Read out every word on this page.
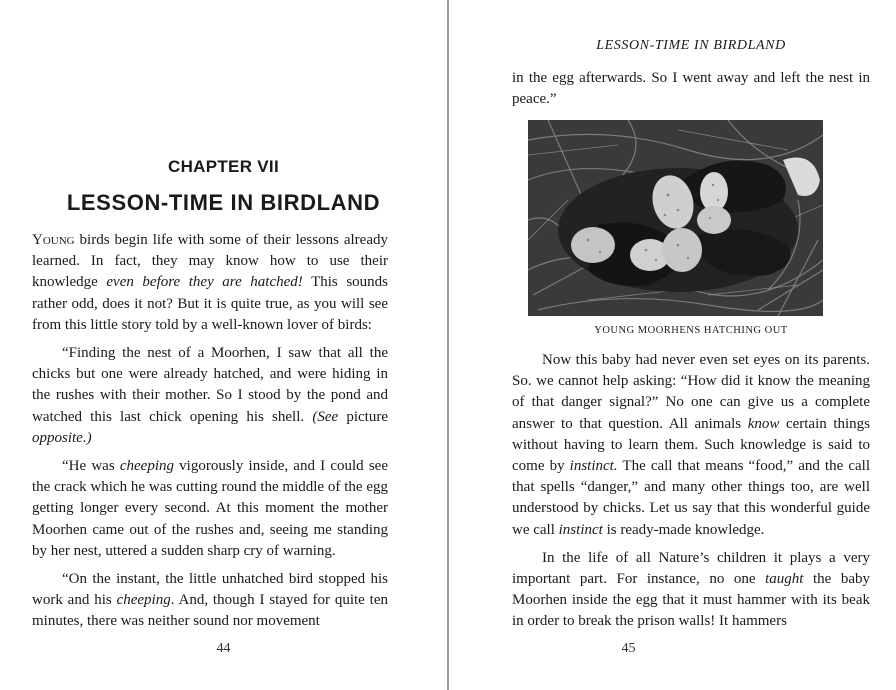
CHAPTER VII
LESSON-TIME IN BIRDLAND

Young birds begin life with some of their lessons already learned. In fact, they may know how to use their knowledge even before they are hatched! This sounds rather odd, does it not? But it is quite true, as you will see from this little story told by a well-known lover of birds:

“Finding the nest of a Moorhen, I saw that all the chicks but one were already hatched, and were hiding in the rushes with their mother. So I stood by the pond and watched this last chick opening his shell. (See picture opposite.)

“He was cheeping vigorously inside, and I could see the crack which he was cutting round the middle of the egg getting longer every second. At this moment the mother Moorhen came out of the rushes and, seeing me standing by her nest, uttered a sudden sharp cry of warning.

“On the instant, the little unhatched bird stopped his work and his cheeping. And, though I stayed for quite ten minutes, there was neither sound nor movement

44
LESSON-TIME IN BIRDLAND

in the egg afterwards. So I went away and left the nest in peace.”

YOUNG MOORHENS HATCHING OUT

Now this baby had never even set eyes on its parents. So. we cannot help asking: “How did it know the meaning of that danger signal?” No one can give us a complete answer to that question. All animals know certain things without having to learn them. Such knowledge is said to come by instinct. The call that means “food,” and the call that spells “danger,” and many other things too, are well understood by chicks. Let us say that this wonderful guide we call instinct is ready-made knowledge.

In the life of all Nature’s children it plays a very important part. For instance, no one taught the baby Moorhen inside the egg that it must hammer with its beak in order to break the prison walls! It hammers

45
